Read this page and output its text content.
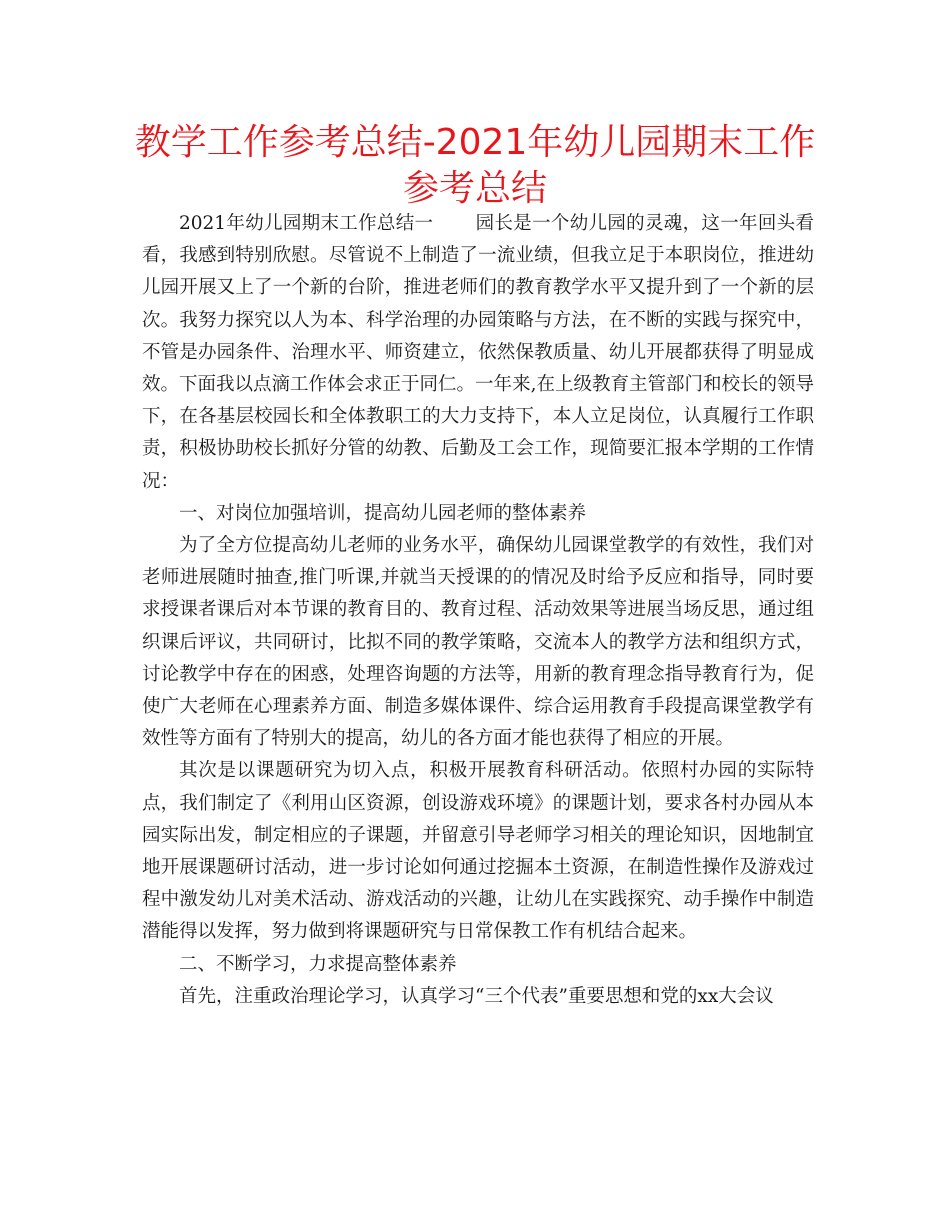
教学工作参考总结-2021年幼儿园期末工作参考总结

2021年幼儿园期末工作总结一 园长是一个幼儿园的灵魂，这一年回头看看，我感到特别欣慰。尽管说不上制造了一流业绩，但我立足于本职岗位，推进幼儿园开展又上了一个新的台阶，推进老师们的教育教学水平又提升到了一个新的层次。我努力探究以人为本、科学治理的办园策略与方法，在不断的实践与探究中，不管是办园条件、治理水平、师资建立，依然保教质量、幼儿开展都获得了明显成效。下面我以点滴工作体会求正于同仁。一年来,在上级教育主管部门和校长的领导下，在各基层校园长和全体教职工的大力支持下，本人立足岗位，认真履行工作职责，积极协助校长抓好分管的幼教、后勤及工会工作，现简要汇报本学期的工作情况：

一、对岗位加强培训，提高幼儿园老师的整体素养

为了全方位提高幼儿老师的业务水平，确保幼儿园课堂教学的有效性，我们对老师进展随时抽查,推门听课,并就当天授课的的情况及时给予反应和指导，同时要求授课者课后对本节课的教育目的、教育过程、活动效果等进展当场反思，通过组织课后评议，共同研讨，比拟不同的教学策略，交流本人的教学方法和组织方式，讨论教学中存在的困惑，处理咨询题的方法等，用新的教育理念指导教育行为，促使广大老师在心理素养方面、制造多媒体课件、综合运用教育手段提高课堂教学有效性等方面有了特别大的提高，幼儿的各方面才能也获得了相应的开展。

其次是以课题研究为切入点，积极开展教育科研活动。依照村办园的实际特点，我们制定了《利用山区资源，创设游戏环境》的课题计划，要求各村办园从本园实际出发，制定相应的子课题，并留意引导老师学习相关的理论知识，因地制宜地开展课题研讨活动，进一步讨论如何通过挖掘本土资源，在制造性操作及游戏过程中激发幼儿对美术活动、游戏活动的兴趣，让幼儿在实践探究、动手操作中制造潜能得以发挥，努力做到将课题研究与日常保教工作有机结合起来。

二、不断学习，力求提高整体素养

首先，注重政治理论学习，认真学习“三个代表”重要思想和党的xx大会议
